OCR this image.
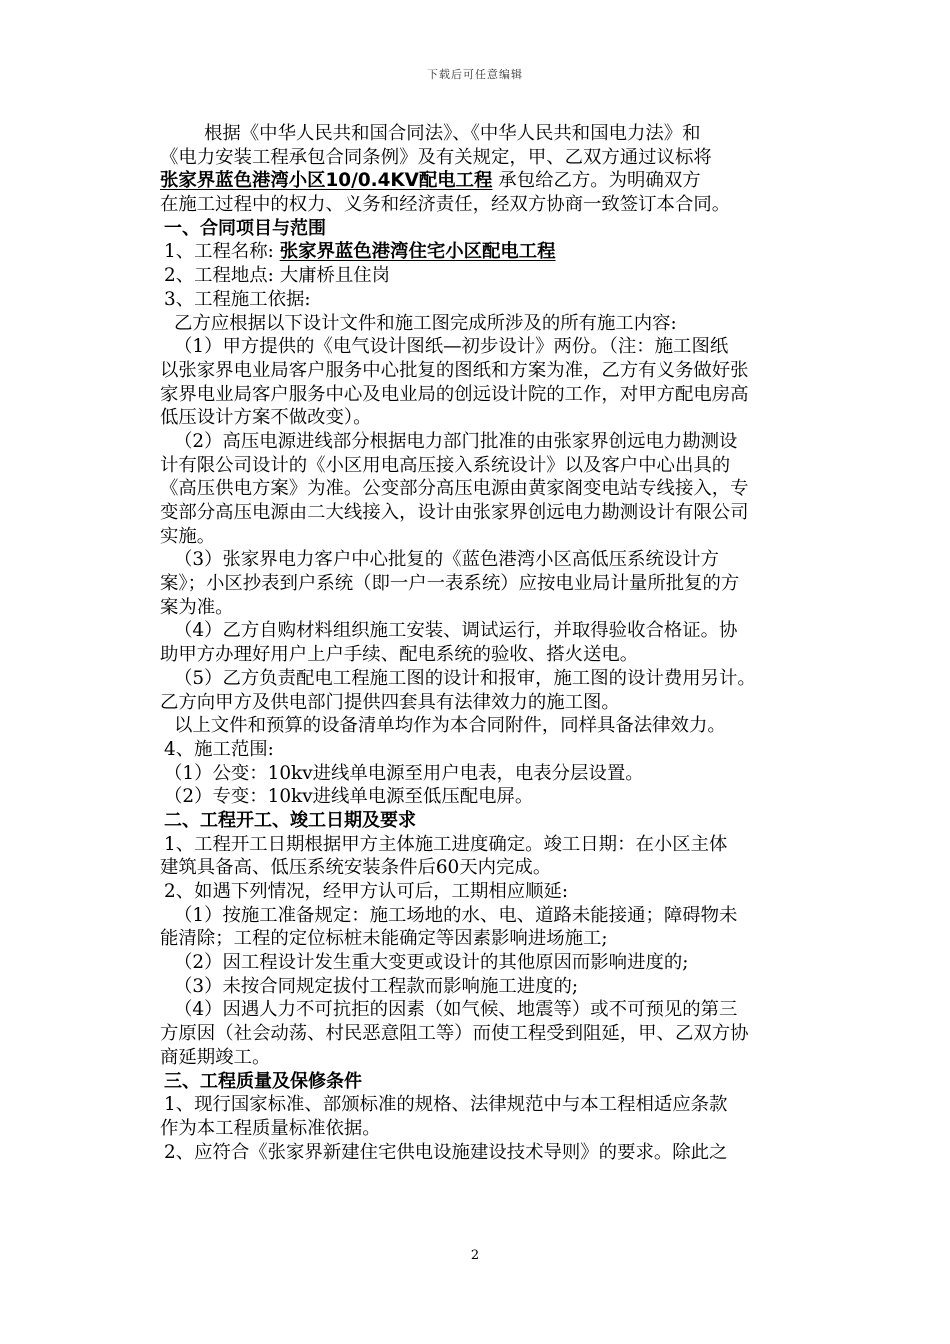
下载后可任意编辑
根据《中华人民共和国合同法》、《中华人民共和国电力法》和
《电力安装工程承包合同条例》及有关规定，甲、乙双方通过议标将
张家界蓝色港湾小区10/0.4KV配电工程 承包给乙方。为明确双方
在施工过程中的权力、义务和经济责任，经双方协商一致签订本合同。
一、合同项目与范围
1、工程名称: 张家界蓝色港湾住宅小区配电工程
2、工程地点: 大庸桥且住岗
3、工程施工依据:
乙方应根据以下设计文件和施工图完成所涉及的所有施工内容:
（1）甲方提供的《电气设计图纸—初步设计》两份。（注：施工图纸
以张家界电业局客户服务中心批复的图纸和方案为准，乙方有义务做好张
家界电业局客户服务中心及电业局的创远设计院的工作，对甲方配电房高
低压设计方案不做改变）。
（2）高压电源进线部分根据电力部门批准的由张家界创远电力勘测设
计有限公司设计的《小区用电高压接入系统设计》以及客户中心出具的
《高压供电方案》为准。公变部分高压电源由黄家阁变电站专线接入，专
变部分高压电源由二大线接入，设计由张家界创远电力勘测设计有限公司
实施。
（3）张家界电力客户中心批复的《蓝色港湾小区高低压系统设计方
案》；小区抄表到户系统（即一户一表系统）应按电业局计量所批复的方
案为准。
（4）乙方自购材料组织施工安装、调试运行，并取得验收合格证。协
助甲方办理好用户上户手续、配电系统的验收、搭火送电。
（5）乙方负责配电工程施工图的设计和报审，施工图的设计费用另计。
乙方向甲方及供电部门提供四套具有法律效力的施工图。
以上文件和预算的设备清单均作为本合同附件，同样具备法律效力。
4、施工范围:
（1）公变：10kv进线单电源至用户电表，电表分层设置。
（2）专变：10kv进线单电源至低压配电屏。
二、工程开工、竣工日期及要求
1、工程开工日期根据甲方主体施工进度确定。竣工日期：在小区主体
建筑具备高、低压系统安装条件后60天内完成。
2、如遇下列情况，经甲方认可后，工期相应顺延:
（1）按施工准备规定：施工场地的水、电、道路未能接通；障碍物未
能清除；工程的定位标桩未能确定等因素影响进场施工;
（2）因工程设计发生重大变更或设计的其他原因而影响进度的;
（3）未按合同规定拔付工程款而影响施工进度的;
（4）因遇人力不可抗拒的因素（如气候、地震等）或不可预见的第三
方原因（社会动荡、村民恶意阻工等）而使工程受到阻延，甲、乙双方协
商延期竣工。
三、工程质量及保修条件
1、现行国家标准、部颁标准的规格、法律规范中与本工程相适应条款
作为本工程质量标准依据。
2、应符合《张家界新建住宅供电设施建设技术导则》的要求。除此之
2
